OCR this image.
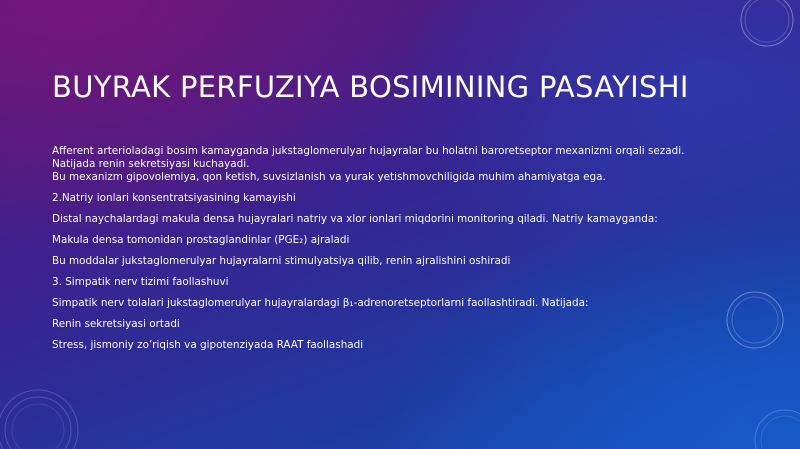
BUYRAK PERFUZIYA BOSIMINING PASAYISHI

Afferent arterioladagi bosim kamayganda jukstaglomerulyar hujayralar bu holatni baroretseptor mexanizmi orqali sezadi.
Natijada renin sekretsiyasi kuchayadi.
Bu mexanizm gipovolemiya, qon ketish, suvsizlanish va yurak yetishmovchiligida muhim ahamiyatga ega.

2.Natriy ionlari konsentratsiyasining kamayishi

Distal naychalardagi makula densa hujayralari natriy va xlor ionlari miqdorini monitoring qiladi. Natriy kamayganda:

Makula densa tomonidan prostaglandinlar (PGE₂) ajraladi

Bu moddalar jukstaglomerulyar hujayralarni stimulyatsiya qilib, renin ajralishini oshiradi

3. Simpatik nerv tizimi faollashuvi

Simpatik nerv tolalari jukstaglomerulyar hujayralardagi β₁-adrenoretseptorlarni faollashtiradi. Natijada:

Renin sekretsiyasi ortadi

Stress, jismoniy zo’riqish va gipotenziyada RAAT faollashadi
